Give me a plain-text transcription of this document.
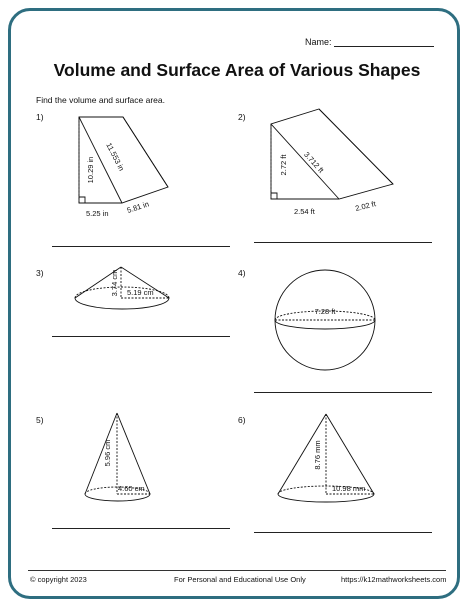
Name:
Volume and Surface Area of Various Shapes
Find the volume and surface area.
1)	2)
3)	4)
5)	6)
10.29 in 11.553 in
5.25 in 5.81 in
2.72 ft 3.712 ft
2.54 ft	2.02 ft
3.74 cm 5.19 cm
7.28 ft
5.96 cm
4.60 cm
8.76 mm
10.98 mm
© copyright 2023	For Personal and Educational Use Only	https://k12mathworksheets.com
